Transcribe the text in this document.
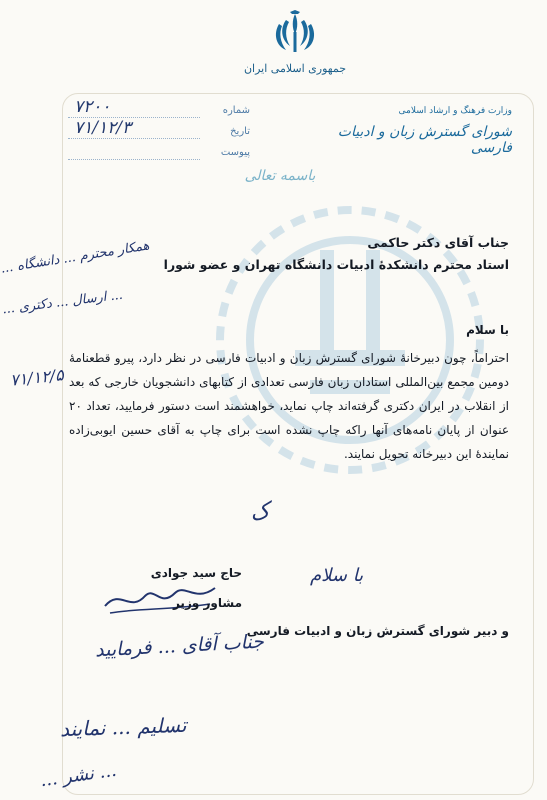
جمهوری اسلامی ایران
شماره
۷۲۰۰
تاریخ
۷۱/۱۲/۳
پیوست
وزارت فرهنگ و ارشاد اسلامی
شورای گسترش زبان و ادبیات فارسی
باسمه تعالی
جناب آقای دکتر حاکمی
استاد محترم دانشکدهٔ ادبیات دانشگاه تهران و عضو شورا
با سلام
احتراماً، چون دبیرخانهٔ شورای گسترش زبان و ادبیات فارسی در نظر دارد، پیرو قطعنامهٔ دومین مجمع بین‌المللی استادان زبان فارسی تعدادی از کتابهای دانشجویان خارجی که بعد از انقلاب در ایران دکتری گرفته‌اند چاپ نماید، خواهشمند است دستور فرمایید، تعداد ۲۰ عنوان از پایان نامه‌های آنها راکه چاپ نشده است برای چاپ به آقای حسین ایوبی‌زاده نمایندهٔ این دبیرخانه تحویل نمایند.
حاج سید جوادی
مشاور وزیر
و دبیر شورای گسترش زبان و ادبیات فارسی
همکار محترم ... دانشگاه ...
... ارسال ... دکتری ...
۷۱/۱۲/۵
ک
با سلام
جناب آقای ... فرمایید
تسلیم ... نمایند
... نشر ...
